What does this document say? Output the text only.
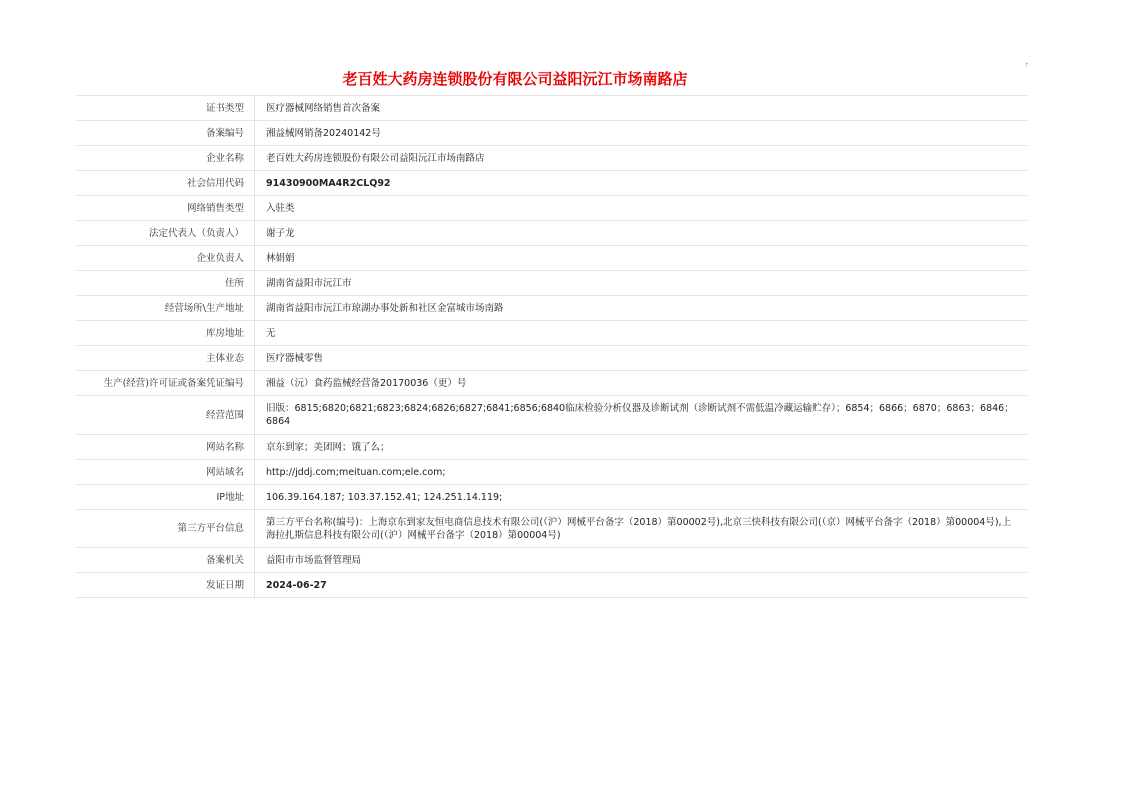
老百姓大药房连锁股份有限公司益阳沅江市场南路店
↑
证书类型	医疗器械网络销售首次备案
备案编号	湘益械网销备20240142号
企业名称	老百姓大药房连锁股份有限公司益阳沅江市场南路店
社会信用代码	91430900MA4R2CLQ92
网络销售类型	入驻类
法定代表人（负责人）	谢子龙
企业负责人	林娟娟
住所	湖南省益阳市沅江市
经营场所\生产地址	湖南省益阳市沅江市琼湖办事处新和社区金富城市场南路
库房地址	无
主体业态	医疗器械零售
生产(经营)许可证或备案凭证编号	湘益（沅）食药监械经营备20170036（更）号
经营范围	旧版：6815;6820;6821;6823;6824;6826;6827;6841;6856;6840临床检验分析仪器及诊断试剂（诊断试剂不需低温冷藏运输贮存）；6854；6866；6870；6863；6846；6864
网站名称	京东到家；美团网；饿了么；
网站域名	http://jddj.com;meituan.com;ele.com;
IP地址	106.39.164.187; 103.37.152.41; 124.251.14.119;
第三方平台信息	第三方平台名称(编号)：上海京东到家友恒电商信息技术有限公司(（沪）网械平台备字（2018）第00002号),北京三快科技有限公司(（京）网械平台备字（2018）第00004号),上海拉扎斯信息科技有限公司(（沪）网械平台备字（2018）第00004号)
备案机关	益阳市市场监督管理局
发证日期	2024-06-27
